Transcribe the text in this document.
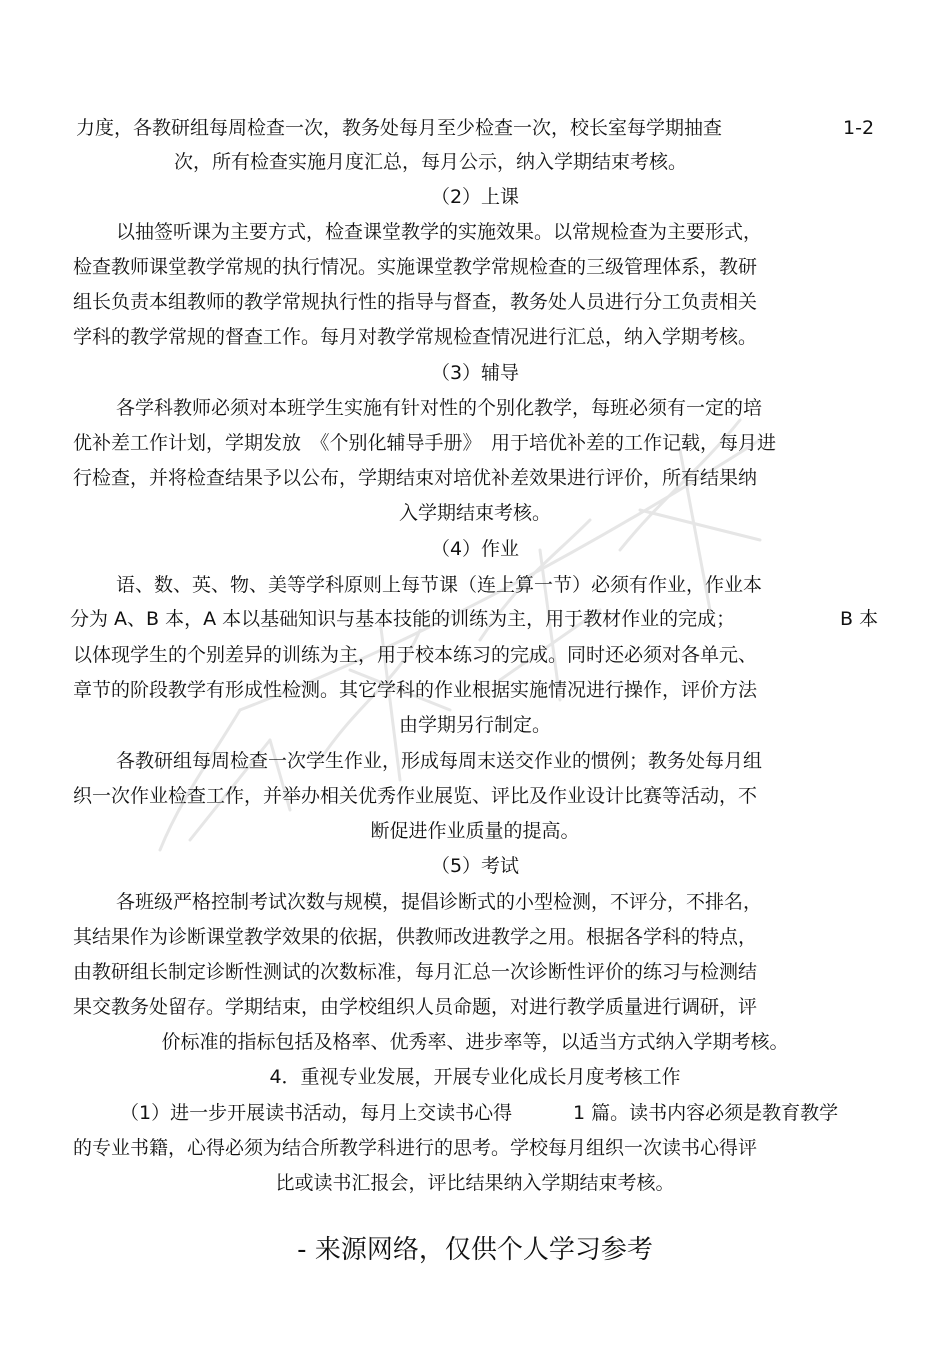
力度，各教研组每周检查一次，教务处每月至少检查一次，校长室每学期抽查	1-2
次，所有检查实施月度汇总，每月公示，纳入学期结束考核。
（2）上课
以抽签听课为主要方式，检查课堂教学的实施效果。以常规检查为主要形式，
检查教师课堂教学常规的执行情况。实施课堂教学常规检查的三级管理体系，教研
组长负责本组教师的教学常规执行性的指导与督查，教务处人员进行分工负责相关
学科的教学常规的督查工作。每月对教学常规检查情况进行汇总，纳入学期考核。
（3）辅导
各学科教师必须对本班学生实施有针对性的个别化教学，每班必须有一定的培
优补差工作计划，学期发放　《个别化辅导手册》　用于培优补差的工作记载，每月进
行检查，并将检查结果予以公布，学期结束对培优补差效果进行评价，所有结果纳
入学期结束考核。
（4）作业
语、数、英、物、美等学科原则上每节课（连上算一节）必须有作业，作业本
分为 A、B 本，A 本以基础知识与基本技能的训练为主，用于教材作业的完成；	B 本
以体现学生的个别差异的训练为主，用于校本练习的完成。同时还必须对各单元、
章节的阶段教学有形成性检测。其它学科的作业根据实施情况进行操作，评价方法
由学期另行制定。
各教研组每周检查一次学生作业，形成每周末送交作业的惯例；教务处每月组
织一次作业检查工作，并举办相关优秀作业展览、评比及作业设计比赛等活动，不
断促进作业质量的提高。
（5）考试
各班级严格控制考试次数与规模，提倡诊断式的小型检测，不评分，不排名，
其结果作为诊断课堂教学效果的依据，供教师改进教学之用。根据各学科的特点，
由教研组长制定诊断性测试的次数标准，每月汇总一次诊断性评价的练习与检测结
果交教务处留存。学期结束，由学校组织人员命题，对进行教学质量进行调研，评
价标准的指标包括及格率、优秀率、进步率等，以适当方式纳入学期考核。
4．重视专业发展，开展专业化成长月度考核工作
（1）进一步开展读书活动，每月上交读书心得	1 篇。读书内容必须是教育教学
的专业书籍，心得必须为结合所教学科进行的思考。学校每月组织一次读书心得评
比或读书汇报会，评比结果纳入学期结束考核。
- 来源网络，仅供个人学习参考
